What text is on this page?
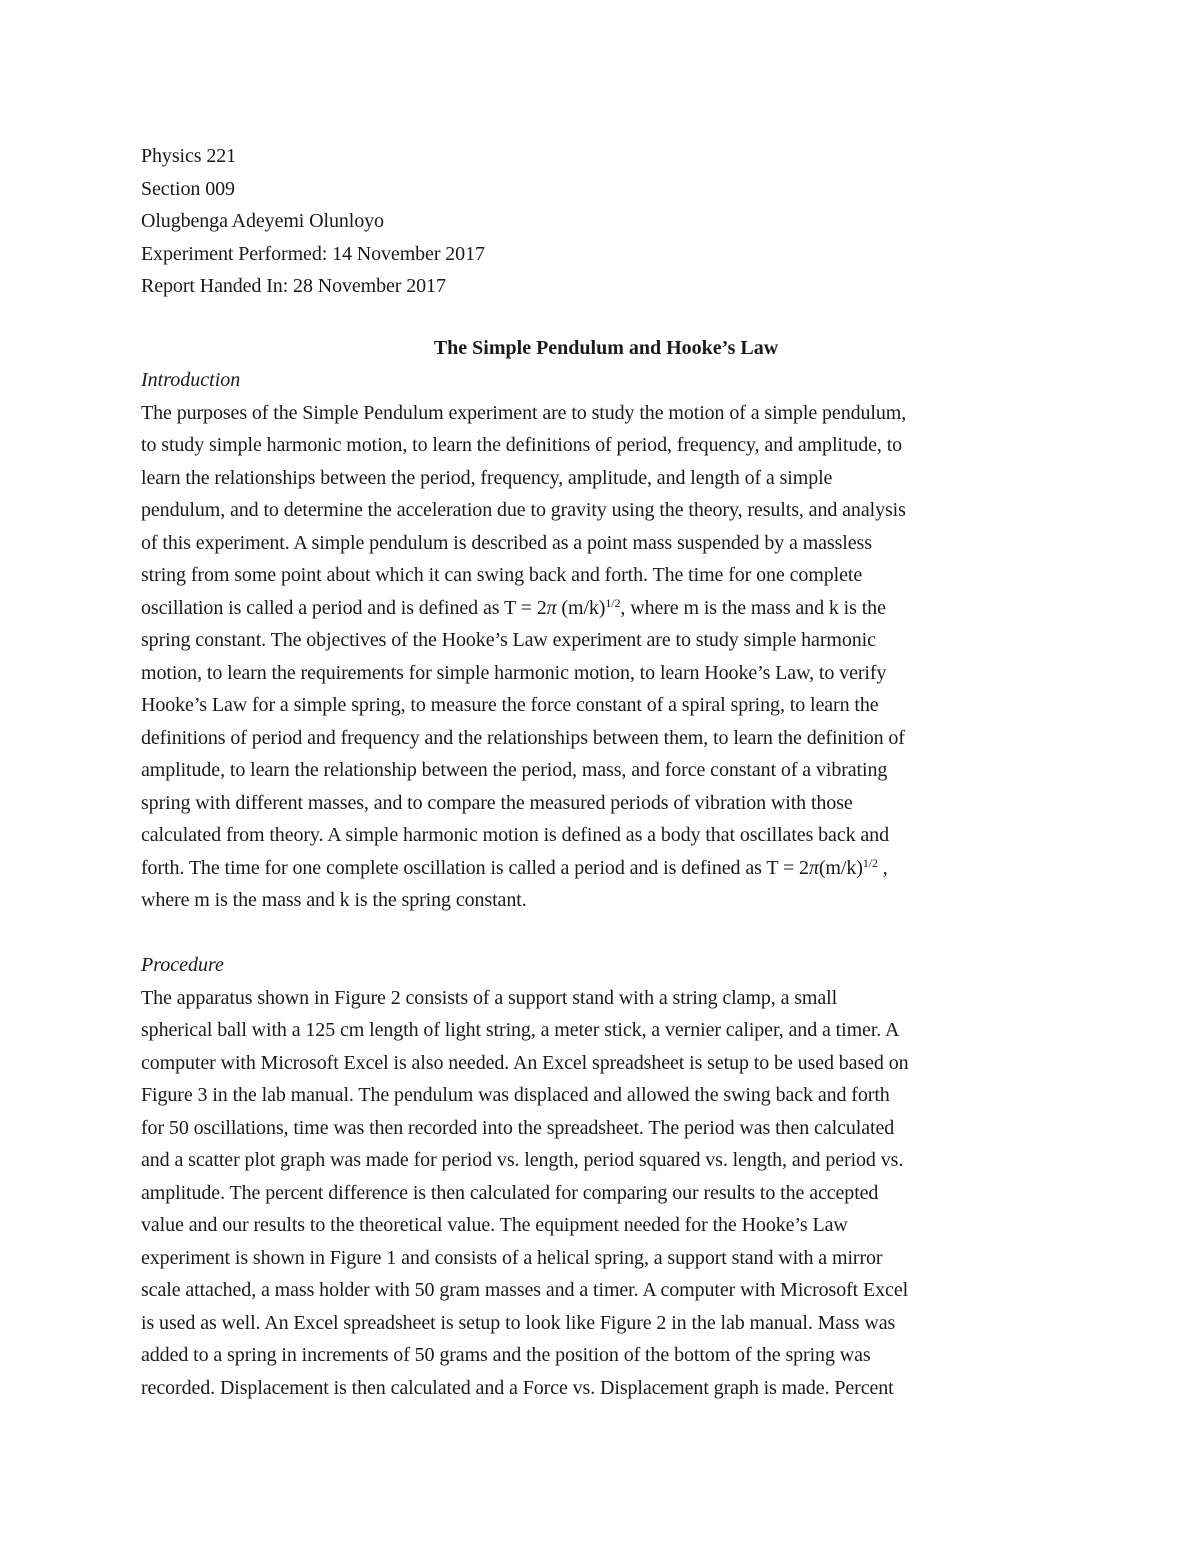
Physics 221
Section 009
Olugbenga Adeyemi Olunloyo
Experiment Performed: 14 November 2017
Report Handed In: 28 November 2017
The Simple Pendulum and Hooke’s Law
Introduction
The purposes of the Simple Pendulum experiment are to study the motion of a simple pendulum,
to study simple harmonic motion, to learn the definitions of period, frequency, and amplitude, to
learn the relationships between the period, frequency, amplitude, and length of a simple
pendulum, and to determine the acceleration due to gravity using the theory, results, and analysis
of this experiment. A simple pendulum is described as a point mass suspended by a massless
string from some point about which it can swing back and forth. The time for one complete
oscillation is called a period and is defined as T = 2π $(m/k)^{1/2}$, where m is the mass and k is the
spring constant. The objectives of the Hooke’s Law experiment are to study simple harmonic
motion, to learn the requirements for simple harmonic motion, to learn Hooke’s Law, to verify
Hooke’s Law for a simple spring, to measure the force constant of a spiral spring, to learn the
definitions of period and frequency and the relationships between them, to learn the definition of
amplitude, to learn the relationship between the period, mass, and force constant of a vibrating
spring with different masses, and to compare the measured periods of vibration with those
calculated from theory. A simple harmonic motion is defined as a body that oscillates back and
forth. The time for one complete oscillation is called a period and is defined as $T = 2\pi(m/k)^{1/2}$ ,
where m is the mass and k is the spring constant.
Procedure
The apparatus shown in Figure 2 consists of a support stand with a string clamp, a small
spherical ball with a 125 cm length of light string, a meter stick, a vernier caliper, and a timer. A
computer with Microsoft Excel is also needed. An Excel spreadsheet is setup to be used based on
Figure 3 in the lab manual. The pendulum was displaced and allowed the swing back and forth
for 50 oscillations, time was then recorded into the spreadsheet. The period was then calculated
and a scatter plot graph was made for period vs. length, period squared vs. length, and period vs.
amplitude. The percent difference is then calculated for comparing our results to the accepted
value and our results to the theoretical value. The equipment needed for the Hooke’s Law
experiment is shown in Figure 1 and consists of a helical spring, a support stand with a mirror
scale attached, a mass holder with 50 gram masses and a timer. A computer with Microsoft Excel
is used as well. An Excel spreadsheet is setup to look like Figure 2 in the lab manual. Mass was
added to a spring in increments of 50 grams and the position of the bottom of the spring was
recorded. Displacement is then calculated and a Force vs. Displacement graph is made. Percent
